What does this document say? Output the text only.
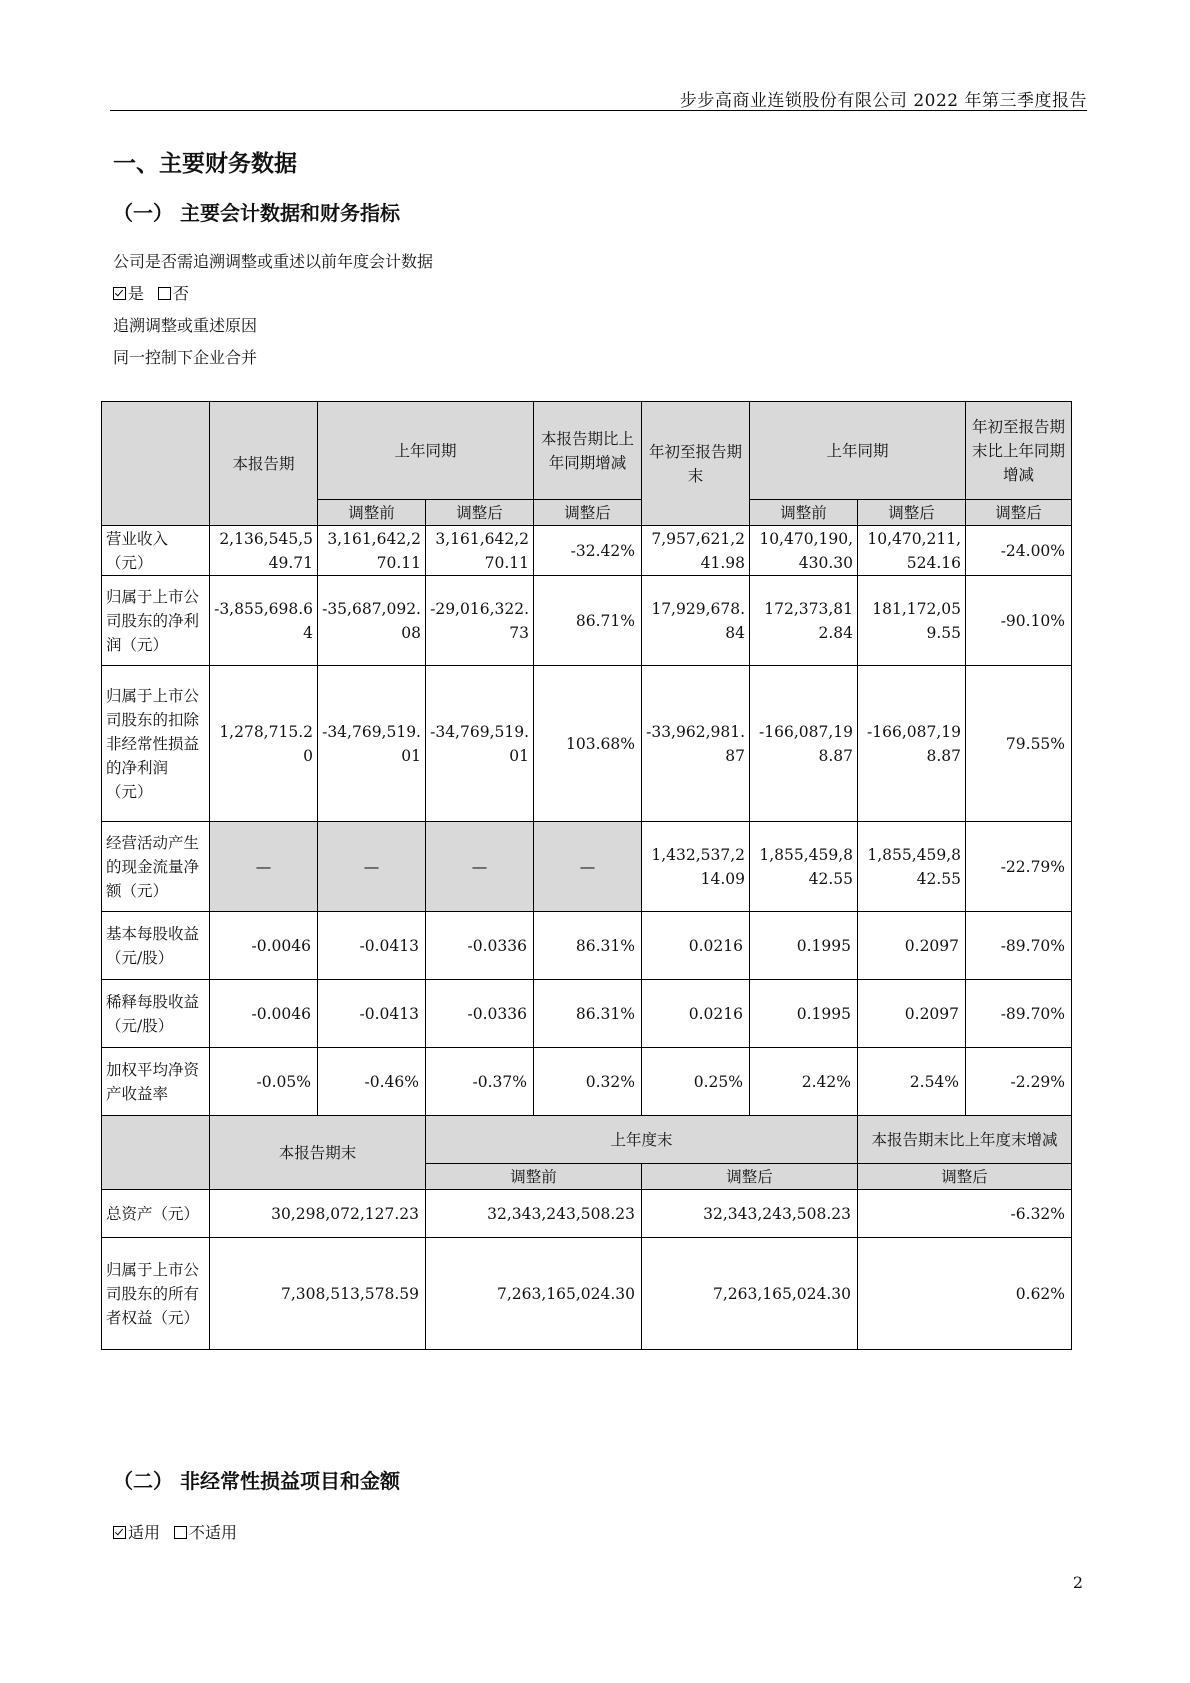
步步高商业连锁股份有限公司 2022 年第三季度报告
一、主要财务数据
（一） 主要会计数据和财务指标
公司是否需追溯调整或重述以前年度会计数据
是 否
追溯调整或重述原因
同一控制下企业合并
	本报告期	上年同期		本报告期比上年同期增减	年初至报告期末	上年同期		年初至报告期末比上年同期增减
		调整前	调整后	调整后		调整前	调整后	调整后
营业收入（元）	2,136,545,549.71	3,161,642,270.11	3,161,642,270.11	-32.42%	7,957,621,241.98	10,470,190,430.30	10,470,211,524.16	-24.00%
归属于上市公司股东的净利润（元）	-3,855,698.64	-35,687,092.08	-29,016,322.73	86.71%	17,929,678.84	172,373,812.84	181,172,059.55	-90.10%
归属于上市公司股东的扣除非经常性损益的净利润（元）	1,278,715.20	-34,769,519.01	-34,769,519.01	103.68%	-33,962,981.87	-166,087,198.87	-166,087,198.87	79.55%
经营活动产生的现金流量净额（元）	—	—	—	—	1,432,537,214.09	1,855,459,842.55	1,855,459,842.55	-22.79%
基本每股收益（元/股）	-0.0046	-0.0413	-0.0336	86.31%	0.0216	0.1995	0.2097	-89.70%
稀释每股收益（元/股）	-0.0046	-0.0413	-0.0336	86.31%	0.0216	0.1995	0.2097	-89.70%
加权平均净资产收益率	-0.05%	-0.46%	-0.37%	0.32%	0.25%	2.42%	2.54%	-2.29%
	本报告期末		上年度末				本报告期末比上年度末增减	
			调整前		调整后		调整后	
总资产（元）	30,298,072,127.23		32,343,243,508.23		32,343,243,508.23		-6.32%	
归属于上市公司股东的所有者权益（元）	7,308,513,578.59		7,263,165,024.30		7,263,165,024.30		0.62%	
（二） 非经常性损益项目和金额
适用 不适用
2
